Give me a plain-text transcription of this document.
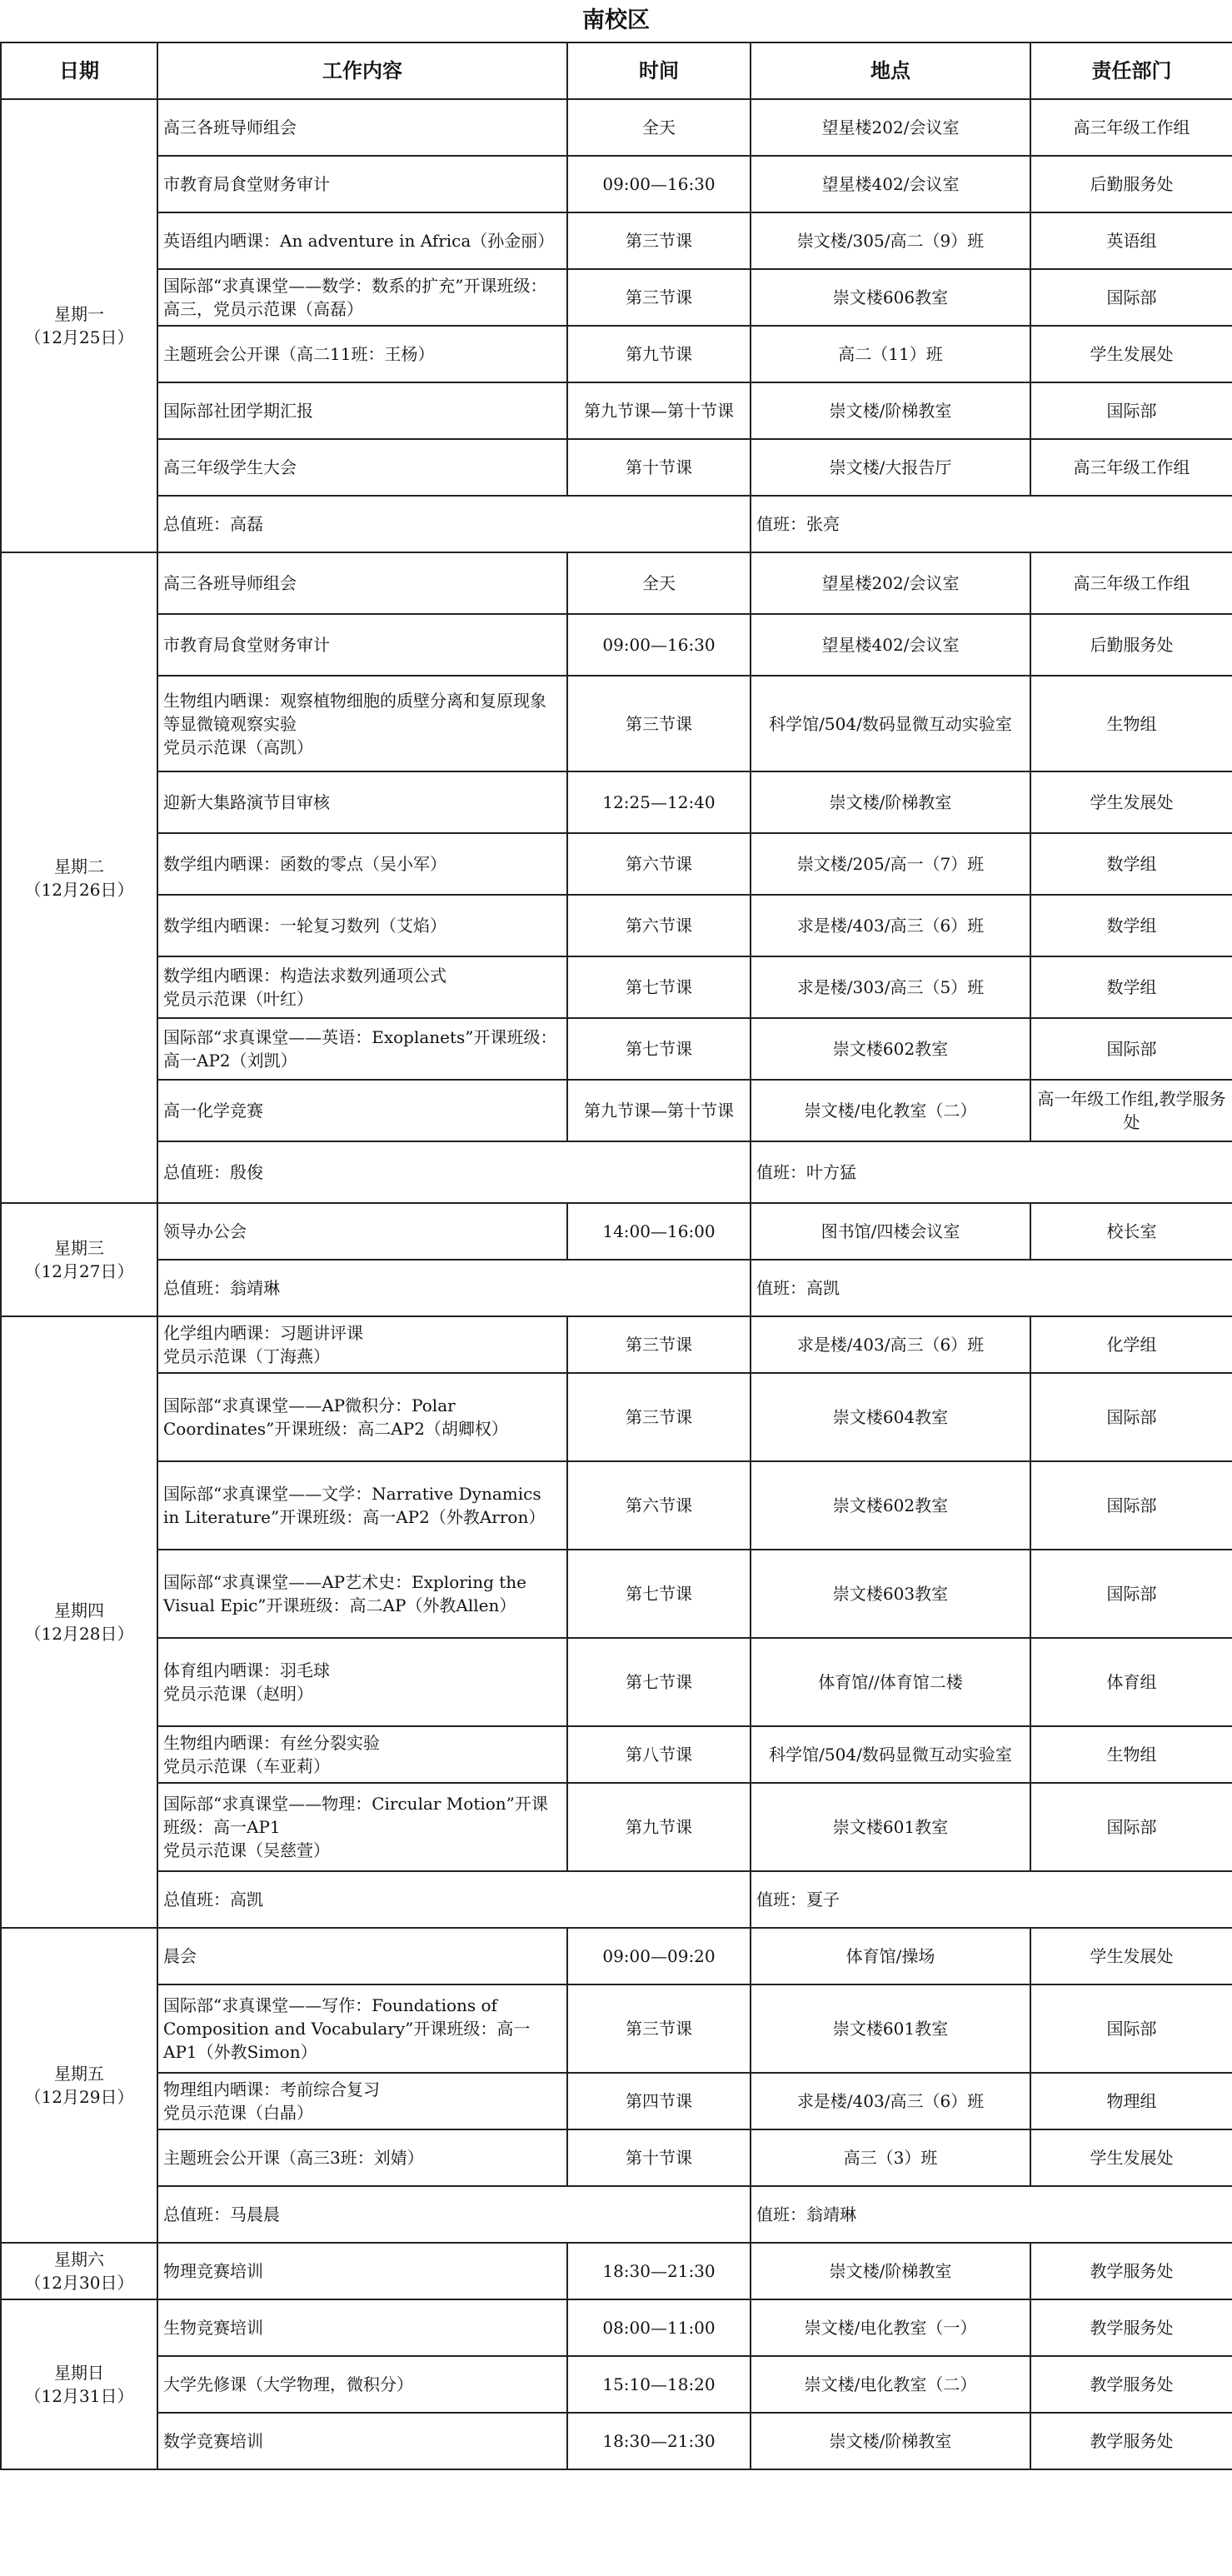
南校区
日期	工作内容	时间	地点	责任部门

星期一
（12月25日）	高三各班导师组会	全天	望星楼202/会议室	高三年级工作组
	市教育局食堂财务审计	09:00—16:30	望星楼402/会议室	后勤服务处
	英语组内晒课：An adventure in Africa（孙金丽）	第三节课	崇文楼/305/高二（9）班	英语组
	国际部“求真课堂——数学：数系的扩充”开课班级：高三，党员示范课（高磊）	第三节课	崇文楼606教室	国际部
	主题班会公开课（高二11班：王杨）	第九节课	高二（11）班	学生发展处
	国际部社团学期汇报	第九节课—第十节课	崇文楼/阶梯教室	国际部
	高三年级学生大会	第十节课	崇文楼/大报告厅	高三年级工作组
	总值班：高磊		值班：张亮	

星期二
（12月26日）	高三各班导师组会	全天	望星楼202/会议室	高三年级工作组
	市教育局食堂财务审计	09:00—16:30	望星楼402/会议室	后勤服务处
	生物组内晒课：观察植物细胞的质壁分离和复原现象等显微镜观察实验
党员示范课（高凯）	第三节课	科学馆/504/数码显微互动实验室	生物组
	迎新大集路演节目审核	12:25—12:40	崇文楼/阶梯教室	学生发展处
	数学组内晒课：函数的零点（吴小军）	第六节课	崇文楼/205/高一（7）班	数学组
	数学组内晒课：一轮复习数列（艾焰）	第六节课	求是楼/403/高三（6）班	数学组
	数学组内晒课：构造法求数列通项公式
党员示范课（叶红）	第七节课	求是楼/303/高三（5）班	数学组
	国际部“求真课堂——英语：Exoplanets”开课班级：高一AP2（刘凯）	第七节课	崇文楼602教室	国际部
	高一化学竞赛	第九节课—第十节课	崇文楼/电化教室（二）	高一年级工作组,教学服务处
	总值班：殷俊		值班：叶方猛	

星期三
（12月27日）	领导办公会	14:00—16:00	图书馆/四楼会议室	校长室
	总值班：翁靖琳		值班：高凯	

星期四
（12月28日）	化学组内晒课：习题讲评课
党员示范课（丁海燕）	第三节课	求是楼/403/高三（6）班	化学组
	国际部“求真课堂——AP微积分：Polar Coordinates”开课班级：高二AP2（胡卿权）	第三节课	崇文楼604教室	国际部
	国际部“求真课堂——文学：Narrative Dynamics in Literature”开课班级：高一AP2（外教Arron）	第六节课	崇文楼602教室	国际部
	国际部“求真课堂——AP艺术史：Exploring the Visual Epic”开课班级：高二AP（外教Allen）	第七节课	崇文楼603教室	国际部
	体育组内晒课：羽毛球
党员示范课（赵明）	第七节课	体育馆//体育馆二楼	体育组
	生物组内晒课：有丝分裂实验
党员示范课（车亚莉）	第八节课	科学馆/504/数码显微互动实验室	生物组
	国际部“求真课堂——物理：Circular Motion”开课班级：高一AP1
党员示范课（吴慈萱）	第九节课	崇文楼601教室	国际部
	总值班：高凯		值班：夏子	

星期五
（12月29日）	晨会	09:00—09:20	体育馆/操场	学生发展处
	国际部“求真课堂——写作：Foundations of Composition and Vocabulary”开课班级：高一AP1（外教Simon）	第三节课	崇文楼601教室	国际部
	物理组内晒课：考前综合复习
党员示范课（白晶）	第四节课	求是楼/403/高三（6）班	物理组
	主题班会公开课（高三3班：刘婧）	第十节课	高三（3）班	学生发展处
	总值班：马晨晨		值班：翁靖琳	

星期六
（12月30日）	物理竞赛培训	18:30—21:30	崇文楼/阶梯教室	教学服务处

星期日
（12月31日）	生物竞赛培训	08:00—11:00	崇文楼/电化教室（一）	教学服务处
	大学先修课（大学物理，微积分）	15:10—18:20	崇文楼/电化教室（二）	教学服务处
	数学竞赛培训	18:30—21:30	崇文楼/阶梯教室	教学服务处
